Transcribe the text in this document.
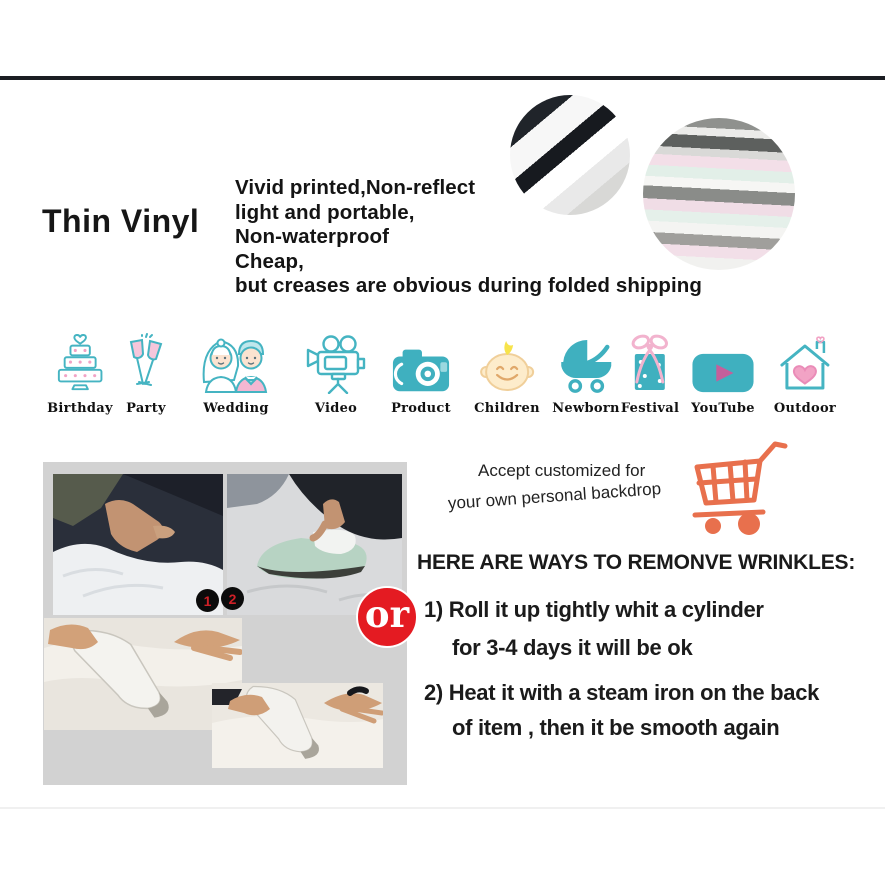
Thin Vinyl
Vivid printed,Non-reflect
light and portable,
Non-waterproof
Cheap,
but creases are obvious during folded shipping
Birthday Party	Wedding	Video	Product Children Newborn Festival YouTube Outdoor
1	2	or
Accept customized for
your own personal backdrop
HERE ARE WAYS TO REMONVE WRINKLES:
1) Roll it up tightly whit a cylinder
for 3-4 days it will be ok
2) Heat it with a steam iron on the back
of item , then it be smooth again
